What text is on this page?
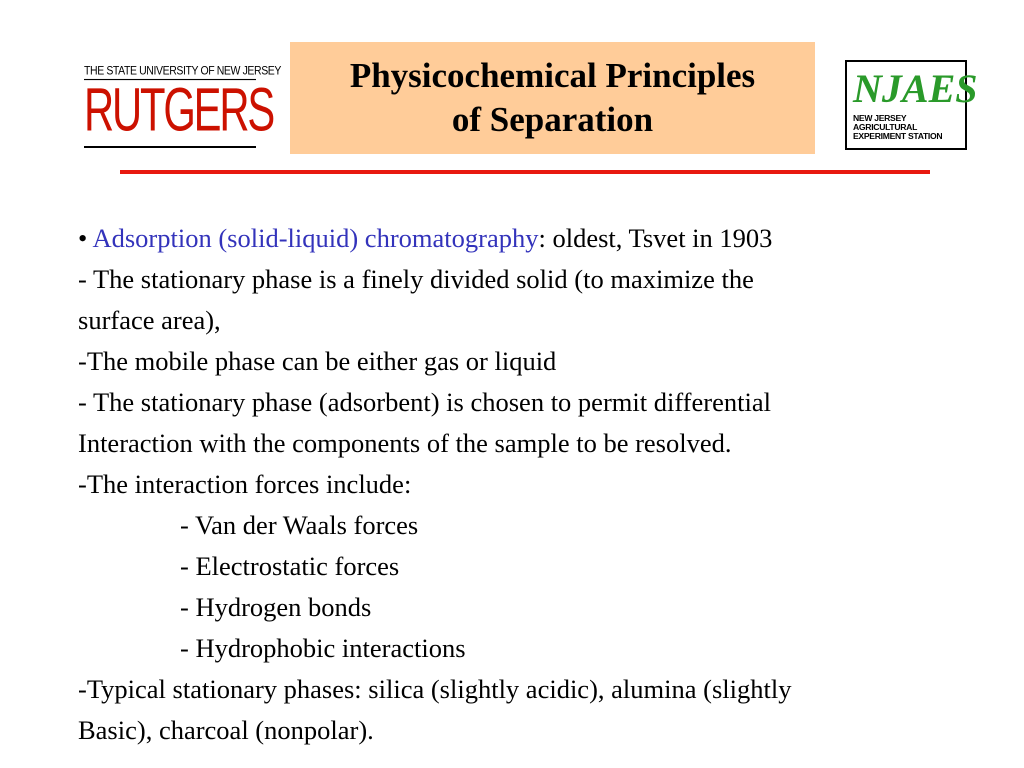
THE STATE UNIVERSITY OF NEW JERSEY
RUTGERS
Physicochemical Principles
of Separation
NJAES
NEW JERSEY
AGRICULTURAL
EXPERIMENT STATION

• Adsorption (solid-liquid) chromatography: oldest, Tsvet in 1903

- The stationary phase is a finely divided solid (to maximize the

surface area),

-The mobile phase can be either gas or liquid

- The stationary phase (adsorbent) is chosen to permit differential

Interaction with the components of the sample to be resolved.

-The interaction forces include:

- Van der Waals forces

- Electrostatic forces

- Hydrogen bonds

- Hydrophobic interactions

-Typical stationary phases: silica (slightly acidic), alumina (slightly

Basic), charcoal (nonpolar).
